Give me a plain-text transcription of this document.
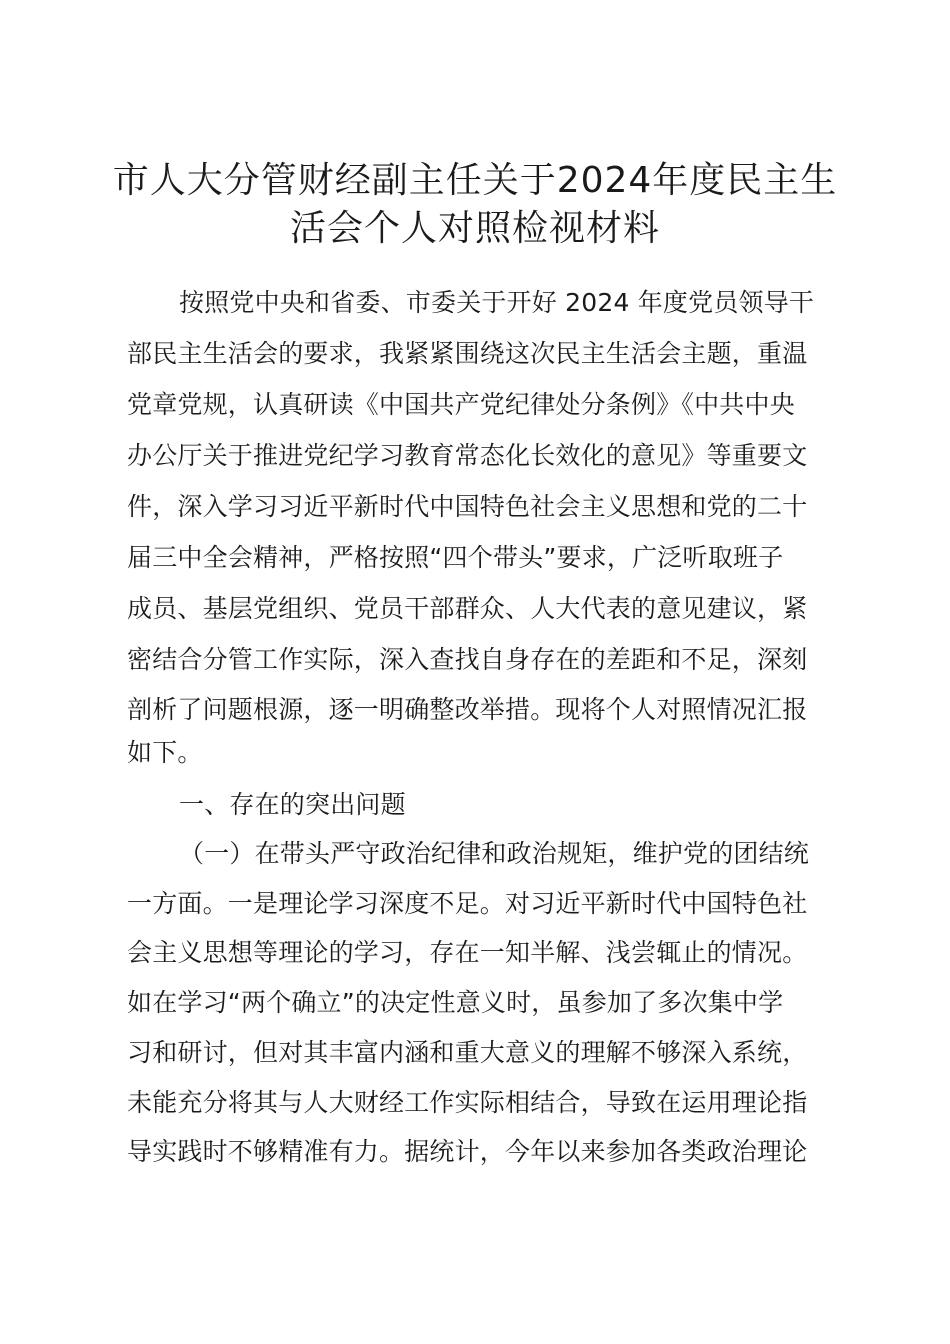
市人大分管财经副主任关于2024年度民主生
活会个人对照检视材料
按照党中央和省委、市委关于开好 2024 年度党员领导干
部民主生活会的要求，我紧紧围绕这次民主生活会主题，重温
党章党规，认真研读《中国共产党纪律处分条例》《中共中央
办公厅关于推进党纪学习教育常态化长效化的意见》等重要文
件，深入学习习近平新时代中国特色社会主义思想和党的二十
届三中全会精神，严格按照“四个带头”要求，广泛听取班子
成员、基层党组织、党员干部群众、人大代表的意见建议，紧
密结合分管工作实际，深入查找自身存在的差距和不足，深刻
剖析了问题根源，逐一明确整改举措。现将个人对照情况汇报
如下。
一、存在的突出问题
（一）在带头严守政治纪律和政治规矩，维护党的团结统
一方面。一是理论学习深度不足。对习近平新时代中国特色社
会主义思想等理论的学习，存在一知半解、浅尝辄止的情况。
如在学习“两个确立”的决定性意义时，虽参加了多次集中学
习和研讨，但对其丰富内涵和重大意义的理解不够深入系统，
未能充分将其与人大财经工作实际相结合，导致在运用理论指
导实践时不够精准有力。据统计，今年以来参加各类政治理论
